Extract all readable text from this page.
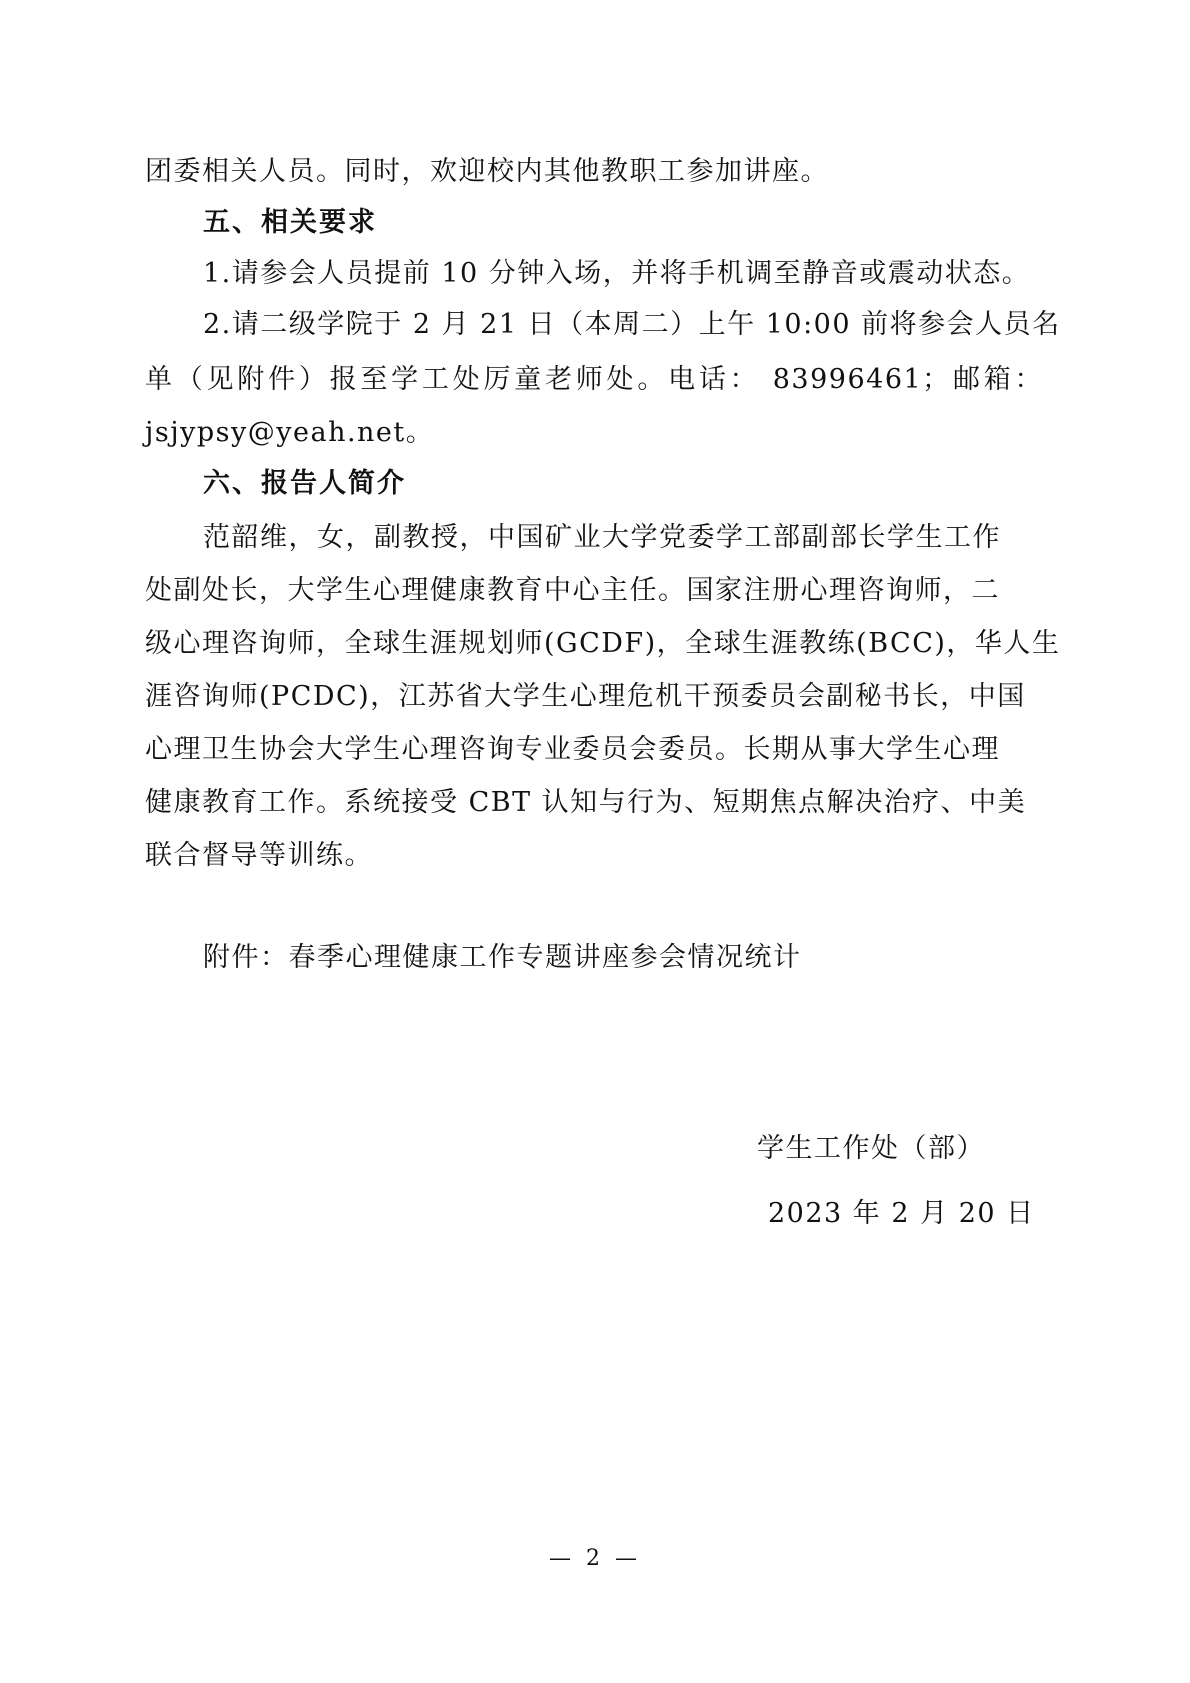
团委相关人员。同时，欢迎校内其他教职工参加讲座。
五、相关要求
1.请参会人员提前 10 分钟入场，并将手机调至静音或震动状态。
2.请二级学院于 2 月 21 日（本周二）上午 10:00 前将参会人员名
单（见附件）报至学工处厉童老师处。电话： 83996461；邮箱：
jsjypsy@yeah.net。
六、报告人简介
范韶维，女，副教授，中国矿业大学党委学工部副部长学生工作
处副处长，大学生心理健康教育中心主任。国家注册心理咨询师，二
级心理咨询师，全球生涯规划师(GCDF)，全球生涯教练(BCC)，华人生
涯咨询师(PCDC)，江苏省大学生心理危机干预委员会副秘书长，中国
心理卫生协会大学生心理咨询专业委员会委员。长期从事大学生心理
健康教育工作。系统接受 CBT 认知与行为、短期焦点解决治疗、中美
联合督导等训练。
附件：春季心理健康工作专题讲座参会情况统计
学生工作处（部）
2023 年 2 月 20 日
— 2 —
